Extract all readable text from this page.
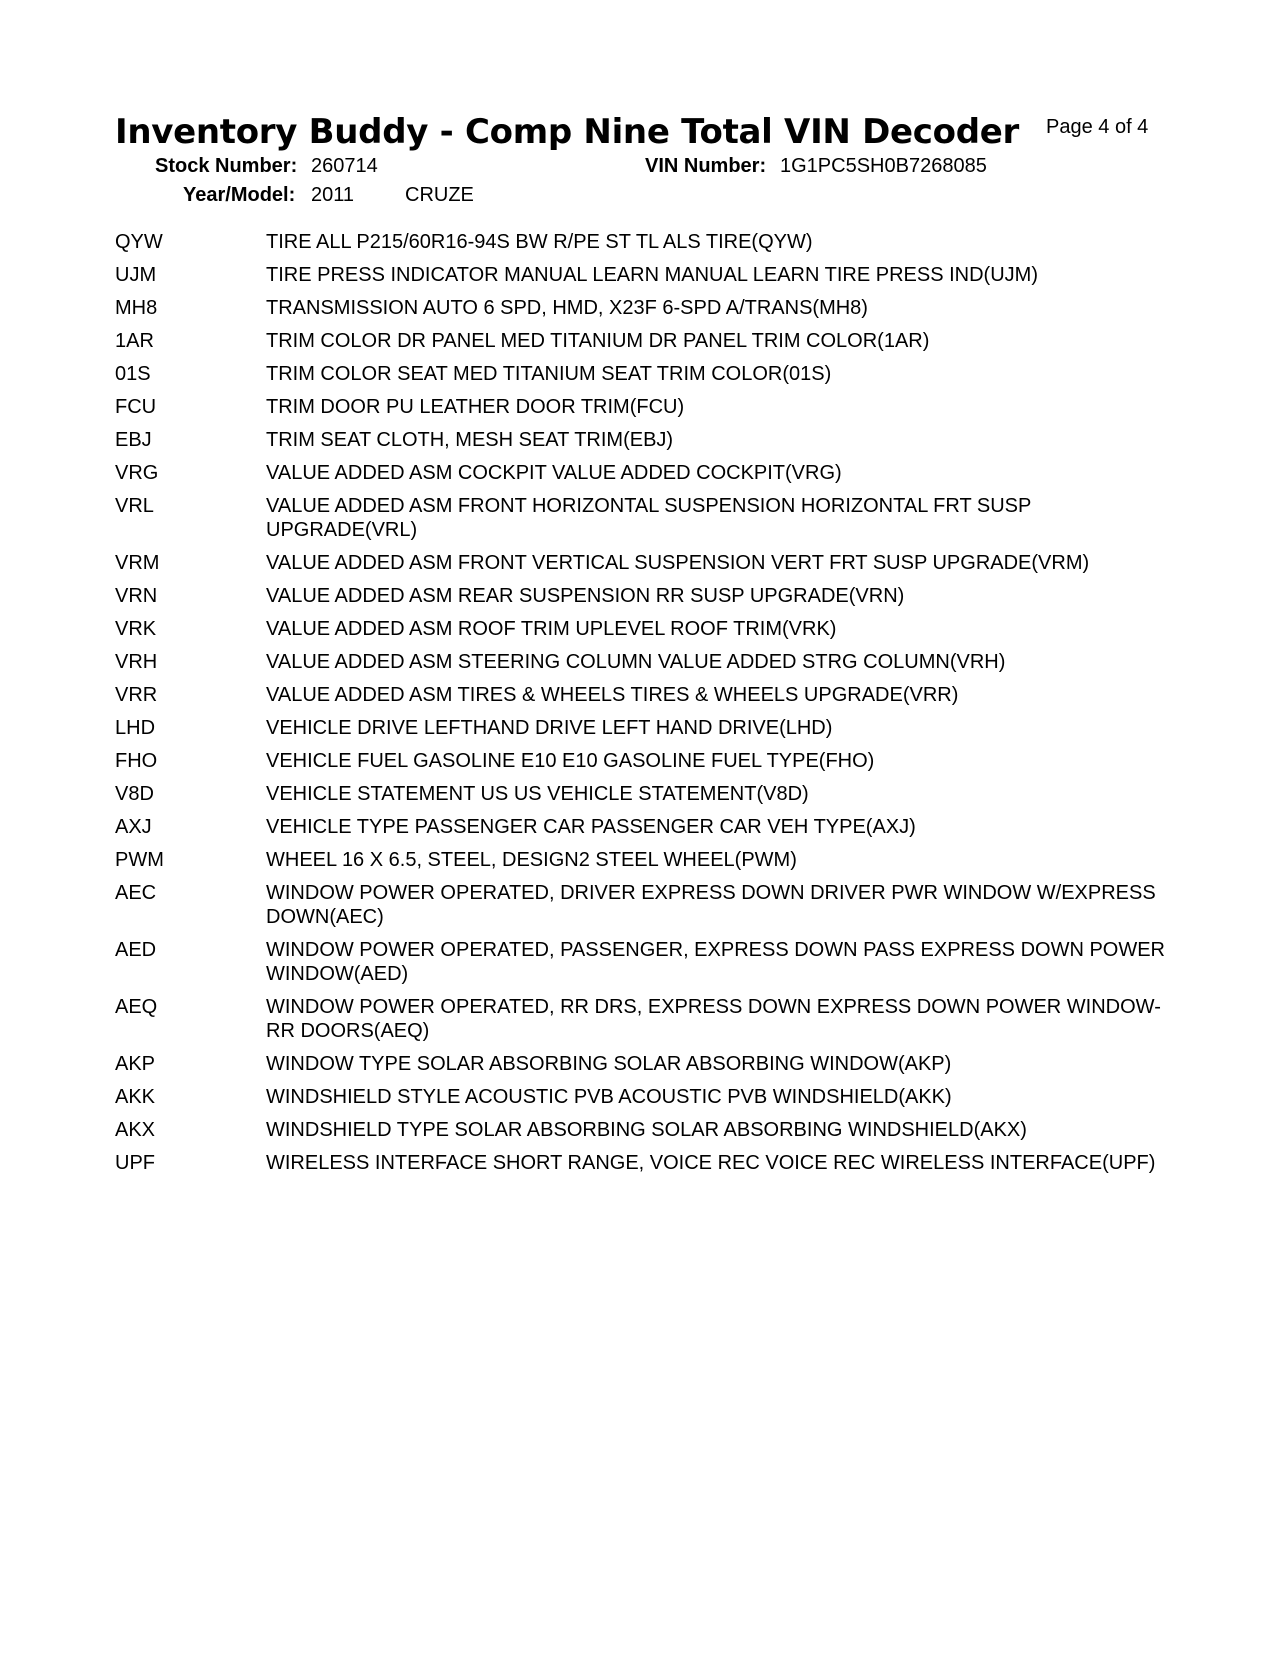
Inventory Buddy - Comp Nine Total VIN Decoder Page 4 of 4
Stock Number: 260714	VIN Number: 1G1PC5SH0B7268085
Year/Model: 2011	CRUZE
QYW	TIRE ALL P215/60R16-94S BW R/PE ST TL ALS TIRE(QYW)
UJM	TIRE PRESS INDICATOR MANUAL LEARN MANUAL LEARN TIRE PRESS IND(UJM)
MH8	TRANSMISSION AUTO 6 SPD, HMD, X23F 6-SPD A/TRANS(MH8)
1AR	TRIM COLOR DR PANEL MED TITANIUM DR PANEL TRIM COLOR(1AR)
01S	TRIM COLOR SEAT MED TITANIUM SEAT TRIM COLOR(01S)
FCU	TRIM DOOR PU LEATHER DOOR TRIM(FCU)
EBJ	TRIM SEAT CLOTH, MESH SEAT TRIM(EBJ)
VRG	VALUE ADDED ASM COCKPIT VALUE ADDED COCKPIT(VRG)
VRL	VALUE ADDED ASM FRONT HORIZONTAL SUSPENSION HORIZONTAL FRT SUSP UPGRADE(VRL)
VRM	VALUE ADDED ASM FRONT VERTICAL SUSPENSION VERT FRT SUSP UPGRADE(VRM)
VRN	VALUE ADDED ASM REAR SUSPENSION RR SUSP UPGRADE(VRN)
VRK	VALUE ADDED ASM ROOF TRIM UPLEVEL ROOF TRIM(VRK)
VRH	VALUE ADDED ASM STEERING COLUMN VALUE ADDED STRG COLUMN(VRH)
VRR	VALUE ADDED ASM TIRES & WHEELS TIRES & WHEELS UPGRADE(VRR)
LHD	VEHICLE DRIVE LEFTHAND DRIVE LEFT HAND DRIVE(LHD)
FHO	VEHICLE FUEL GASOLINE E10 E10 GASOLINE FUEL TYPE(FHO)
V8D	VEHICLE STATEMENT US US VEHICLE STATEMENT(V8D)
AXJ	VEHICLE TYPE PASSENGER CAR PASSENGER CAR VEH TYPE(AXJ)
PWM	WHEEL 16 X 6.5, STEEL, DESIGN2 STEEL WHEEL(PWM)
AEC	WINDOW POWER OPERATED, DRIVER EXPRESS DOWN DRIVER PWR WINDOW W/EXPRESS DOWN(AEC)
AED	WINDOW POWER OPERATED, PASSENGER, EXPRESS DOWN PASS EXPRESS DOWN POWER WINDOW(AED)
AEQ	WINDOW POWER OPERATED, RR DRS, EXPRESS DOWN EXPRESS DOWN POWER WINDOW-RR DOORS(AEQ)
AKP	WINDOW TYPE SOLAR ABSORBING SOLAR ABSORBING WINDOW(AKP)
AKK	WINDSHIELD STYLE ACOUSTIC PVB ACOUSTIC PVB WINDSHIELD(AKK)
AKX	WINDSHIELD TYPE SOLAR ABSORBING SOLAR ABSORBING WINDSHIELD(AKX)
UPF	WIRELESS INTERFACE SHORT RANGE, VOICE REC VOICE REC WIRELESS INTERFACE(UPF)
